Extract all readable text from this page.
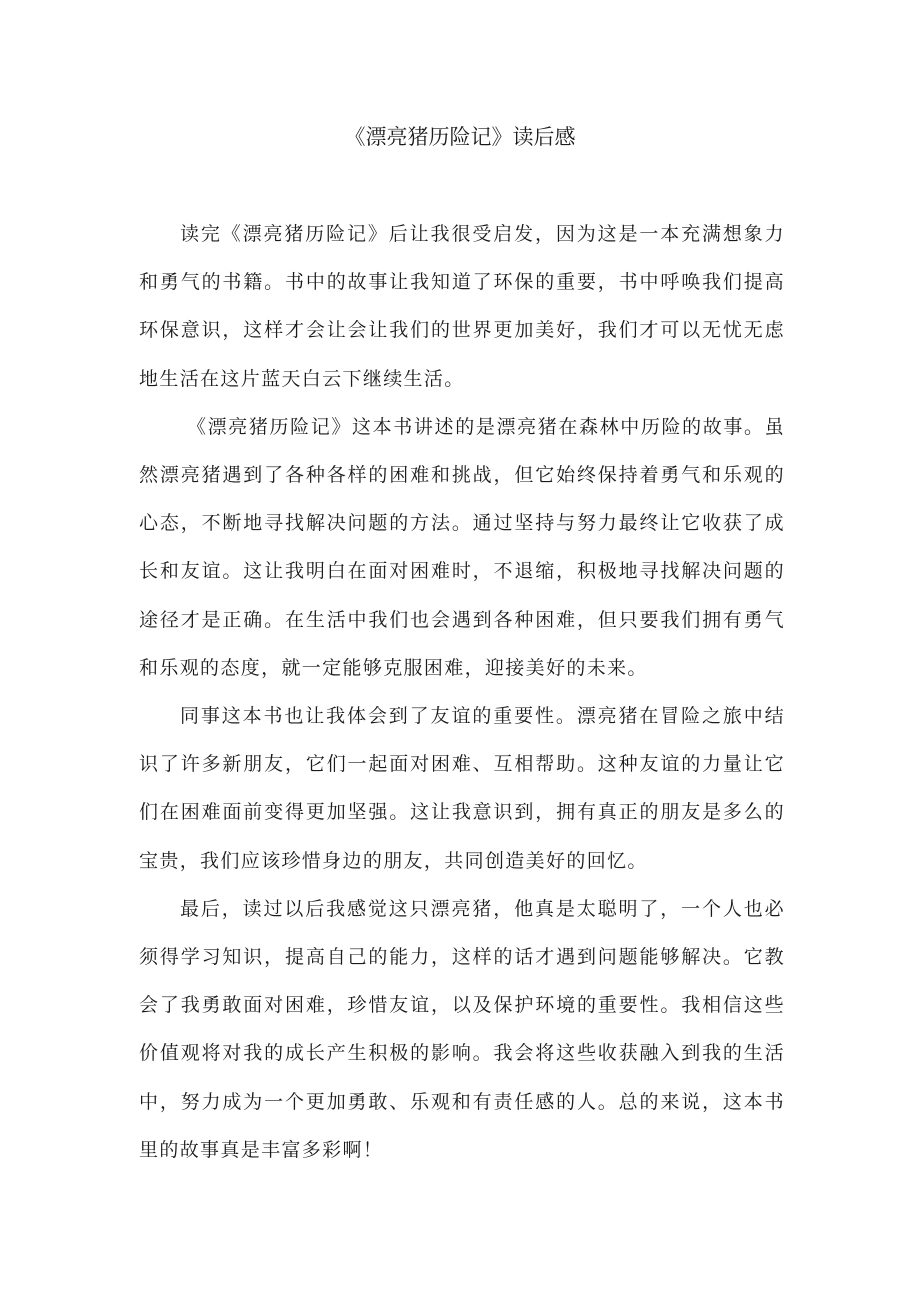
《漂亮猪历险记》读后感

读完《漂亮猪历险记》后让我很受启发，因为这是一本充满想象力和勇气的书籍。书中的故事让我知道了环保的重要，书中呼唤我们提高环保意识，这样才会让会让我们的世界更加美好，我们才可以无忧无虑地生活在这片蓝天白云下继续生活。

《漂亮猪历险记》这本书讲述的是漂亮猪在森林中历险的故事。虽然漂亮猪遇到了各种各样的困难和挑战，但它始终保持着勇气和乐观的心态，不断地寻找解决问题的方法。通过坚持与努力最终让它收获了成长和友谊。这让我明白在面对困难时，不退缩，积极地寻找解决问题的途径才是正确。在生活中我们也会遇到各种困难，但只要我们拥有勇气和乐观的态度，就一定能够克服困难，迎接美好的未来。

同事这本书也让我体会到了友谊的重要性。漂亮猪在冒险之旅中结识了许多新朋友，它们一起面对困难、互相帮助。这种友谊的力量让它们在困难面前变得更加坚强。这让我意识到，拥有真正的朋友是多么的宝贵，我们应该珍惜身边的朋友，共同创造美好的回忆。

最后，读过以后我感觉这只漂亮猪，他真是太聪明了，一个人也必须得学习知识，提高自己的能力，这样的话才遇到问题能够解决。它教会了我勇敢面对困难，珍惜友谊，以及保护环境的重要性。我相信这些价值观将对我的成长产生积极的影响。我会将这些收获融入到我的生活中，努力成为一个更加勇敢、乐观和有责任感的人。总的来说，这本书里的故事真是丰富多彩啊！
